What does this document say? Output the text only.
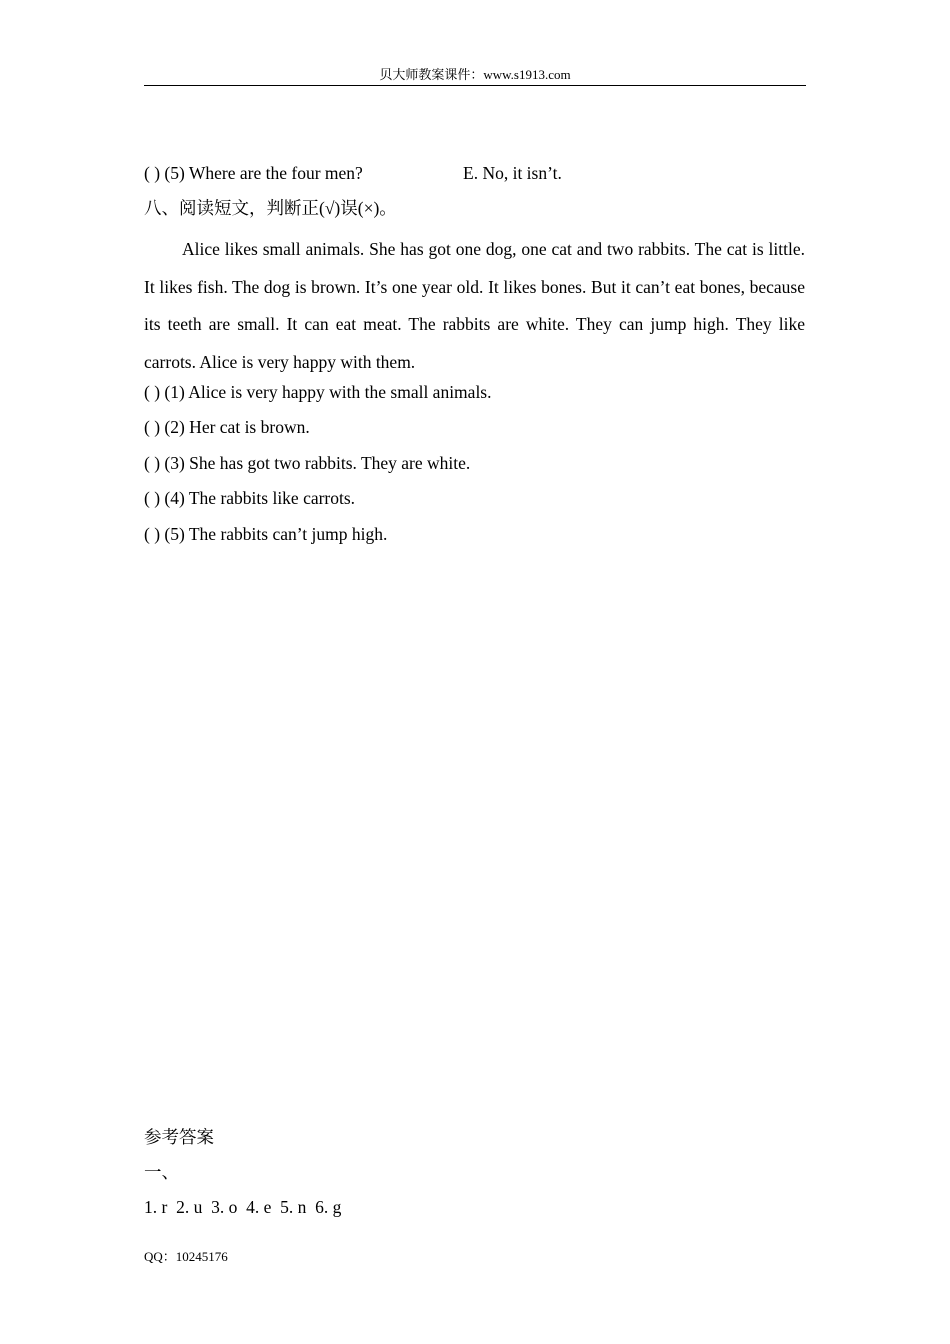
贝大师教案课件：www.s1913.com
( ) (5) Where are the four men?	E. No, it isn’t.
八、阅读短文，判断正(√)误(×)。
Alice likes small animals. She has got one dog, one cat and two rabbits. The cat is little. It likes fish. The dog is brown. It’s one year old. It likes bones. But it can’t eat bones, because its teeth are small. It can eat meat. The rabbits are white. They can jump high. They like carrots. Alice is very happy with them.
( ) (1) Alice is very happy with the small animals.
( ) (2) Her cat is brown.
( ) (3) She has got two rabbits. They are white.
( ) (4) The rabbits like carrots.
( ) (5) The rabbits can’t jump high.
参考答案
一、
1. r  2. u  3. o  4. e  5. n  6. g
QQ：10245176
